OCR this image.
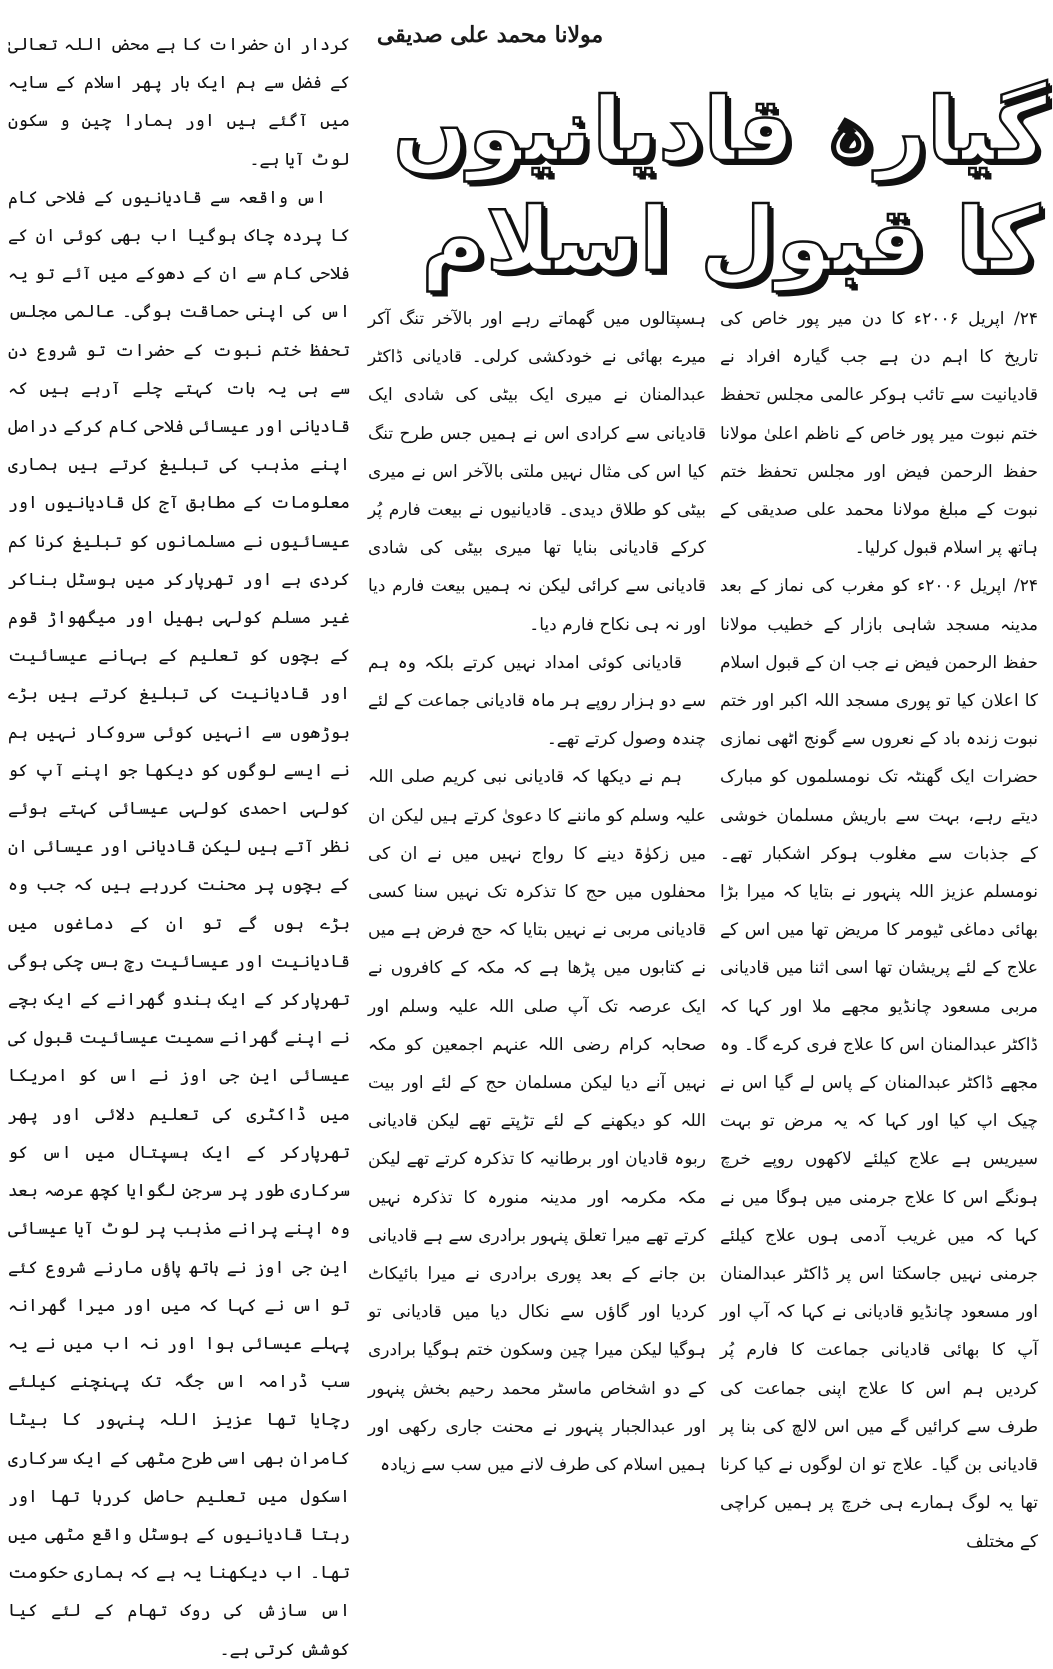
مولانا محمد علی صدیقی
گیارہ قادیانیوں
کا قبول اسلام

۲۴/ اپریل ۲۰۰۶ء کا دن میر پور خاص کی تاریخ کا اہم دن ہے جب گیارہ افراد نے قادیانیت سے تائب ہوکر عالمی مجلس تحفظ ختم نبوت میر پور خاص کے ناظم اعلیٰ مولانا حفظ الرحمن فیض اور مجلس تحفظ ختم نبوت کے مبلغ مولانا محمد علی صدیقی کے ہاتھ پر اسلام قبول کرلیا۔

۲۴/ اپریل ۲۰۰۶ء کو مغرب کی نماز کے بعد مدینہ مسجد شاہی بازار کے خطیب مولانا حفظ الرحمن فیض نے جب ان کے قبول اسلام کا اعلان کیا تو پوری مسجد اللہ اکبر اور ختم نبوت زندہ باد کے نعروں سے گونج اٹھی نمازی حضرات ایک گھنٹہ تک نومسلموں کو مبارک دیتے رہے، بہت سے باریش مسلمان خوشی کے جذبات سے مغلوب ہوکر اشکبار تھے۔ نومسلم عزیز اللہ پنہور نے بتایا کہ میرا بڑا بھائی دماغی ٹیومر کا مریض تھا میں اس کے علاج کے لئے پریشان تھا اسی اثنا میں قادیانی مربی مسعود چانڈیو مجھے ملا اور کہا کہ ڈاکٹر عبدالمنان اس کا علاج فری کرے گا۔ وہ مجھے ڈاکٹر عبدالمنان کے پاس لے گیا اس نے چیک اپ کیا اور کہا کہ یہ مرض تو بہت سیریس ہے علاج کیلئے لاکھوں روپے خرچ ہونگے اس کا علاج جرمنی میں ہوگا میں نے کہا کہ میں غریب آدمی ہوں علاج کیلئے جرمنی نہیں جاسکتا اس پر ڈاکٹر عبدالمنان اور مسعود چانڈیو قادیانی نے کہا کہ آپ اور آپ کا بھائی قادیانی جماعت کا فارم پُر کردیں ہم اس کا علاج اپنی جماعت کی طرف سے کرائیں گے میں اس لالچ کی بنا پر قادیانی بن گیا۔ علاج تو ان لوگوں نے کیا کرنا تھا یہ لوگ ہمارے ہی خرچ پر ہمیں کراچی کے مختلف

ہسپتالوں میں گھماتے رہے اور بالآخر تنگ آکر میرے بھائی نے خودکشی کرلی۔ قادیانی ڈاکٹر عبدالمنان نے میری ایک بیٹی کی شادی ایک قادیانی سے کرادی اس نے ہمیں جس طرح تنگ کیا اس کی مثال نہیں ملتی بالآخر اس نے میری بیٹی کو طلاق دیدی۔ قادیانیوں نے بیعت فارم پُر کرکے قادیانی بنایا تھا میری بیٹی کی شادی قادیانی سے کرائی لیکن نہ ہمیں بیعت فارم دیا اور نہ ہی نکاح فارم دیا۔

قادیانی کوئی امداد نہیں کرتے بلکہ وہ ہم سے دو ہزار روپے ہر ماہ قادیانی جماعت کے لئے چندہ وصول کرتے تھے۔

ہم نے دیکھا کہ قادیانی نبی کریم صلی اللہ علیہ وسلم کو ماننے کا دعویٰ کرتے ہیں لیکن ان میں زکوٰۃ دینے کا رواج نہیں میں نے ان کی محفلوں میں حج کا تذکرہ تک نہیں سنا کسی قادیانی مربی نے نہیں بتایا کہ حج فرض ہے میں نے کتابوں میں پڑھا ہے کہ مکہ کے کافروں نے ایک عرصہ تک آپ صلی اللہ علیہ وسلم اور صحابہ کرام رضی اللہ عنہم اجمعین کو مکہ نہیں آنے دیا لیکن مسلمان حج کے لئے اور بیت اللہ کو دیکھنے کے لئے تڑپتے تھے لیکن قادیانی ربوہ قادیان اور برطانیہ کا تذکرہ کرتے تھے لیکن مکہ مکرمہ اور مدینہ منورہ کا تذکرہ نہیں کرتے تھے میرا تعلق پنہور برادری سے ہے قادیانی بن جانے کے بعد پوری برادری نے میرا بائیکاٹ کردیا اور گاؤں سے نکال دیا میں قادیانی تو ہوگیا لیکن میرا چین وسکون ختم ہوگیا برادری کے دو اشخاص ماسٹر محمد رحیم بخش پنہور اور عبدالجبار پنہور نے محنت جاری رکھی اور ہمیں اسلام کی طرف لانے میں سب سے زیادہ

کردار ان حضرات کا ہے محض اللہ تعالیٰ کے فضل سے ہم ایک بار پھر اسلام کے سایہ میں آگئے ہیں اور ہمارا چین و سکون لوٹ آیا ہے۔

اس واقعہ سے قادیانیوں کے فلاحی کام کا پردہ چاک ہوگیا اب بھی کوئی ان کے فلاحی کام سے ان کے دھوکے میں آئے تو یہ اس کی اپنی حماقت ہوگی۔ عالمی مجلس تحفظ ختم نبوت کے حضرات تو شروع دن سے ہی یہ بات کہتے چلے آرہے ہیں کہ قادیانی اور عیسائی فلاحی کام کرکے دراصل اپنے مذہب کی تبلیغ کرتے ہیں ہماری معلومات کے مطابق آج کل قادیانیوں اور عیسائیوں نے مسلمانوں کو تبلیغ کرنا کم کردی ہے اور تھرپارکر میں ہوسٹل بناکر غیر مسلم کولہی بھیل اور میگھواڑ قوم کے بچوں کو تعلیم کے بہانے عیسائیت اور قادیانیت کی تبلیغ کرتے ہیں بڑے بوڑھوں سے انہیں کوئی سروکار نہیں ہم نے ایسے لوگوں کو دیکھا جو اپنے آپ کو کولہی احمدی کولہی عیسائی کہتے ہوئے نظر آتے ہیں لیکن قادیانی اور عیسائی ان کے بچوں پر محنت کررہے ہیں کہ جب وہ بڑے ہوں گے تو ان کے دماغوں میں قادیانیت اور عیسائیت رچ بس چکی ہوگی تھرپارکر کے ایک ہندو گھرانے کے ایک بچے نے اپنے گھرانے سمیت عیسائیت قبول کی عیسائی این جی اوز نے اس کو امریکا میں ڈاکٹری کی تعلیم دلائی اور پھر تھرپارکر کے ایک ہسپتال میں اس کو سرکاری طور پر سرجن لگوایا کچھ عرصہ بعد وہ اپنے پرانے مذہب پر لوٹ آیا عیسائی این جی اوز نے ہاتھ پاؤں مارنے شروع کئے تو اس نے کہا کہ میں اور میرا گھرانہ پہلے عیسائی ہوا اور نہ اب میں نے یہ سب ڈرامہ اس جگہ تک پہنچنے کیلئے رچایا تھا عزیز اللہ پنہور کا بیٹا کامران بھی اسی طرح مٹھی کے ایک سرکاری اسکول میں تعلیم حاصل کررہا تھا اور رہتا قادیانیوں کے ہوسٹل واقع مٹھی میں تھا۔ اب دیکھنا یہ ہے کہ ہماری حکومت اس سازش کی روک تھام کے لئے کیا کوشش کرتی ہے۔
